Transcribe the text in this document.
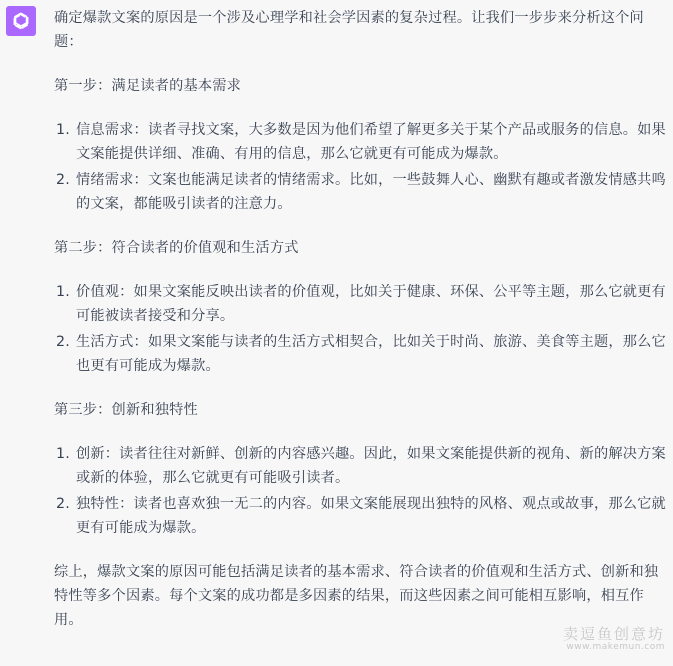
确定爆款文案的原因是一个涉及心理学和社会学因素的复杂过程。让我们一步步来分析这个问题：

第一步：满足读者的基本需求

1. 信息需求：读者寻找文案，大多数是因为他们希望了解更多关于某个产品或服务的信息。如果文案能提供详细、准确、有用的信息，那么它就更有可能成为爆款。
2. 情绪需求：文案也能满足读者的情绪需求。比如，一些鼓舞人心、幽默有趣或者激发情感共鸣的文案，都能吸引读者的注意力。

第二步：符合读者的价值观和生活方式

1. 价值观：如果文案能反映出读者的价值观，比如关于健康、环保、公平等主题，那么它就更有可能被读者接受和分享。
2. 生活方式：如果文案能与读者的生活方式相契合，比如关于时尚、旅游、美食等主题，那么它也更有可能成为爆款。

第三步：创新和独特性

1. 创新：读者往往对新鲜、创新的内容感兴趣。因此，如果文案能提供新的视角、新的解决方案或新的体验，那么它就更有可能吸引读者。
2. 独特性：读者也喜欢独一无二的内容。如果文案能展现出独特的风格、观点或故事，那么它就更有可能成为爆款。

综上，爆款文案的原因可能包括满足读者的基本需求、符合读者的价值观和生活方式、创新和独特性等多个因素。每个文案的成功都是多因素的结果，而这些因素之间可能相互影响，相互作用。

卖逗鱼创意坊
www.makemun.com
